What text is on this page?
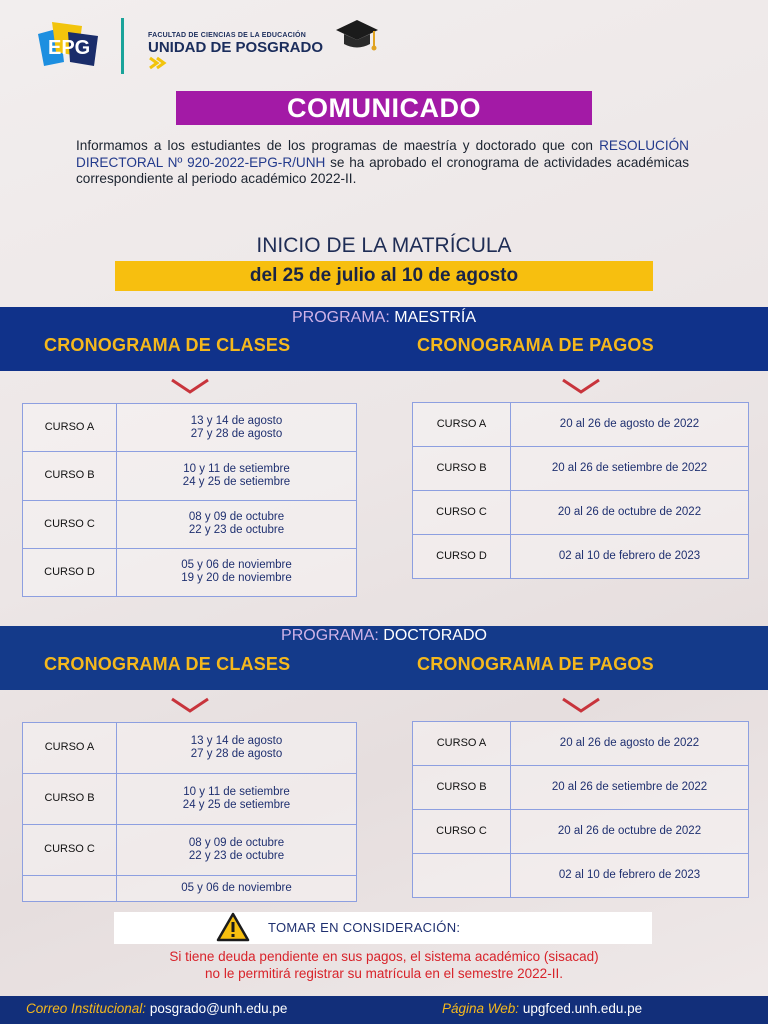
EPG
FACULTAD DE CIENCIAS DE LA EDUCACIÓN
UNIDAD DE POSGRADO
COMUNICADO
Informamos a los estudiantes de los programas de maestría y doctorado que con RESOLUCIÓN DIRECTORAL Nº 920-2022-EPG-R/UNH se ha aprobado el cronograma de actividades académicas correspondiente al periodo académico 2022-II.
INICIO DE LA MATRÍCULA
del 25 de julio al 10 de agosto
PROGRAMA: MAESTRÍA
CRONOGRAMA DE CLASES	CRONOGRAMA DE PAGOS
CURSO A	13 y 14 de agosto
27 y 28 de agosto

CURSO B	10 y 11 de setiembre
24 y 25 de setiembre

CURSO C	08 y 09 de octubre
22 y 23 de octubre

CURSO D	05 y 06 de noviembre
19 y 20 de noviembre
CURSO A	20 al 26 de agosto de 2022
CURSO B	20 al 26 de setiembre de 2022
CURSO C	20 al 26 de octubre de 2022
CURSO D	02 al 10 de febrero de 2023
PROGRAMA: DOCTORADO
CRONOGRAMA DE CLASES	CRONOGRAMA DE PAGOS
CURSO A	13 y 14 de agosto
27 y 28 de agosto

CURSO B	10 y 11 de setiembre
24 y 25 de setiembre

CURSO C	08 y 09 de octubre
22 y 23 de octubre

	05 y 06 de noviembre
CURSO A	20 al 26 de agosto de 2022
CURSO B	20 al 26 de setiembre de 2022
CURSO C	20 al 26 de octubre de 2022
	02 al 10 de febrero de 2023
TOMAR EN CONSIDERACIÓN:
Si tiene deuda pendiente en sus pagos, el sistema académico (sisacad)
no le permitirá registrar su matrícula en el semestre 2022-II.
Correo Institucional: posgrado@unh.edu.pe	Página Web: upgfced.unh.edu.pe
